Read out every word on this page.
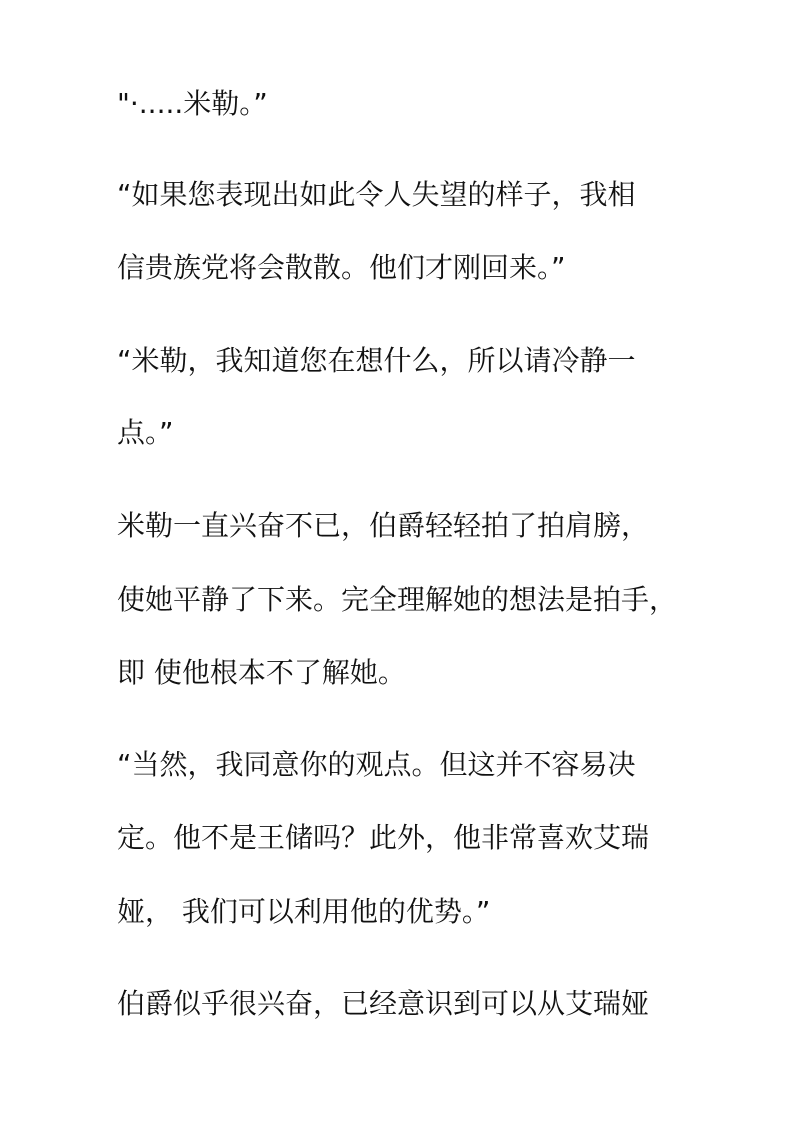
"·.....米勒。”
“如果您表现出如此令人失望的样子，我相
信贵族党将会散散。他们才刚回来。”
“米勒，我知道您在想什么，所以请冷静一
点。”
米勒一直兴奋不已，伯爵轻轻拍了拍肩膀，
使她平静了下来。完全理解她的想法是拍手，
即 使他根本不了解她。
“当然，我同意你的观点。但这并不容易决
定。他不是王储吗？此外，他非常喜欢艾瑞
娅， 我们可以利用他的优势。”
伯爵似乎很兴奋，已经意识到可以从艾瑞娅
